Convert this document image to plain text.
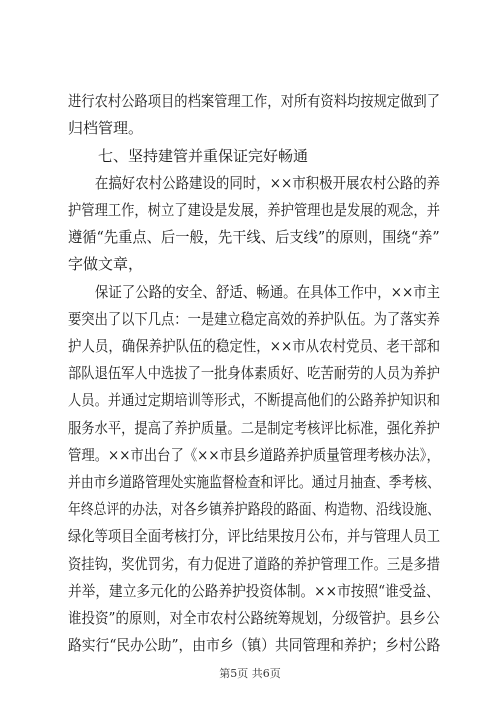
进行农村公路项目的档案管理工作，对所有资料均按规定做到了
归档管理。
　　七、坚持建管并重保证完好畅通
　　在搞好农村公路建设的同时，××市积极开展农村公路的养
护管理工作，树立了建设是发展，养护管理也是发展的观念，并
遵循“先重点、后一般，先干线、后支线”的原则，围绕“养”
字做文章，
　　保证了公路的安全、舒适、畅通。在具体工作中，××市主
要突出了以下几点：一是建立稳定高效的养护队伍。为了落实养
护人员，确保养护队伍的稳定性，××市从农村党员、老干部和
部队退伍军人中选拔了一批身体素质好、吃苦耐劳的人员为养护
人员。并通过定期培训等形式，不断提高他们的公路养护知识和
服务水平，提高了养护质量。二是制定考核评比标准，强化养护
管理。××市出台了《××市县乡道路养护质量管理考核办法》，
并由市乡道路管理处实施监督检查和评比。通过月抽查、季考核、
年终总评的办法，对各乡镇养护路段的路面、构造物、沿线设施、
绿化等项目全面考核打分，评比结果按月公布，并与管理人员工
资挂钩，奖优罚劣，有力促进了道路的养护管理工作。三是多措
并举，建立多元化的公路养护投资体制。××市按照“谁受益、
谁投资”的原则，对全市农村公路统筹规划，分级管护。县乡公
路实行“民办公助”，由市乡（镇）共同管理和养护；乡村公路
第5页 共6页
